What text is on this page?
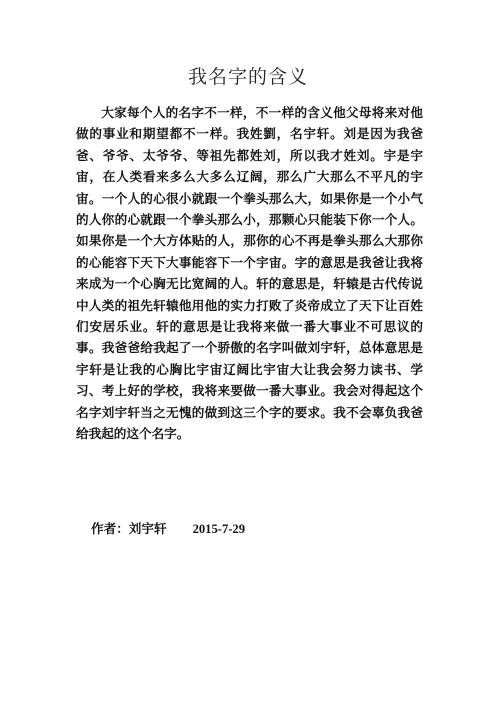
我名字的含义

大家每个人的名字不一样，不一样的含义他父母将来对他做的事业和期望都不一样。我姓劉，名宇轩。刘是因为我爸爸、爷爷、太爷爷、等祖先都姓刘，所以我才姓刘。宇是宇宙，在人类看来多么大多么辽阔，那么广大那么不平凡的宇宙。一个人的心很小就跟一个拳头那么大，如果你是一个小气的人你的心就跟一个拳头那么小，那颗心只能装下你一个人。如果你是一个大方体贴的人，那你的心不再是拳头那么大那你的心能容下天下大事能容下一个宇宙。字的意思是我爸让我将来成为一个心胸无比宽阔的人。轩的意思是，轩辕是古代传说中人类的祖先轩辕他用他的实力打败了炎帝成立了天下让百姓们安居乐业。轩的意思是让我将来做一番大事业不可思议的事。我爸爸给我起了一个骄傲的名字叫做刘宇轩，总体意思是宇轩是让我的心胸比宇宙辽阔比宇宙大让我会努力读书、学习、考上好的学校，我将来要做一番大事业。我会对得起这个名字刘宇轩当之无愧的做到这三个字的要求。我不会辜负我爸给我起的这个名字。

作者：刘宇轩 2015-7-29
